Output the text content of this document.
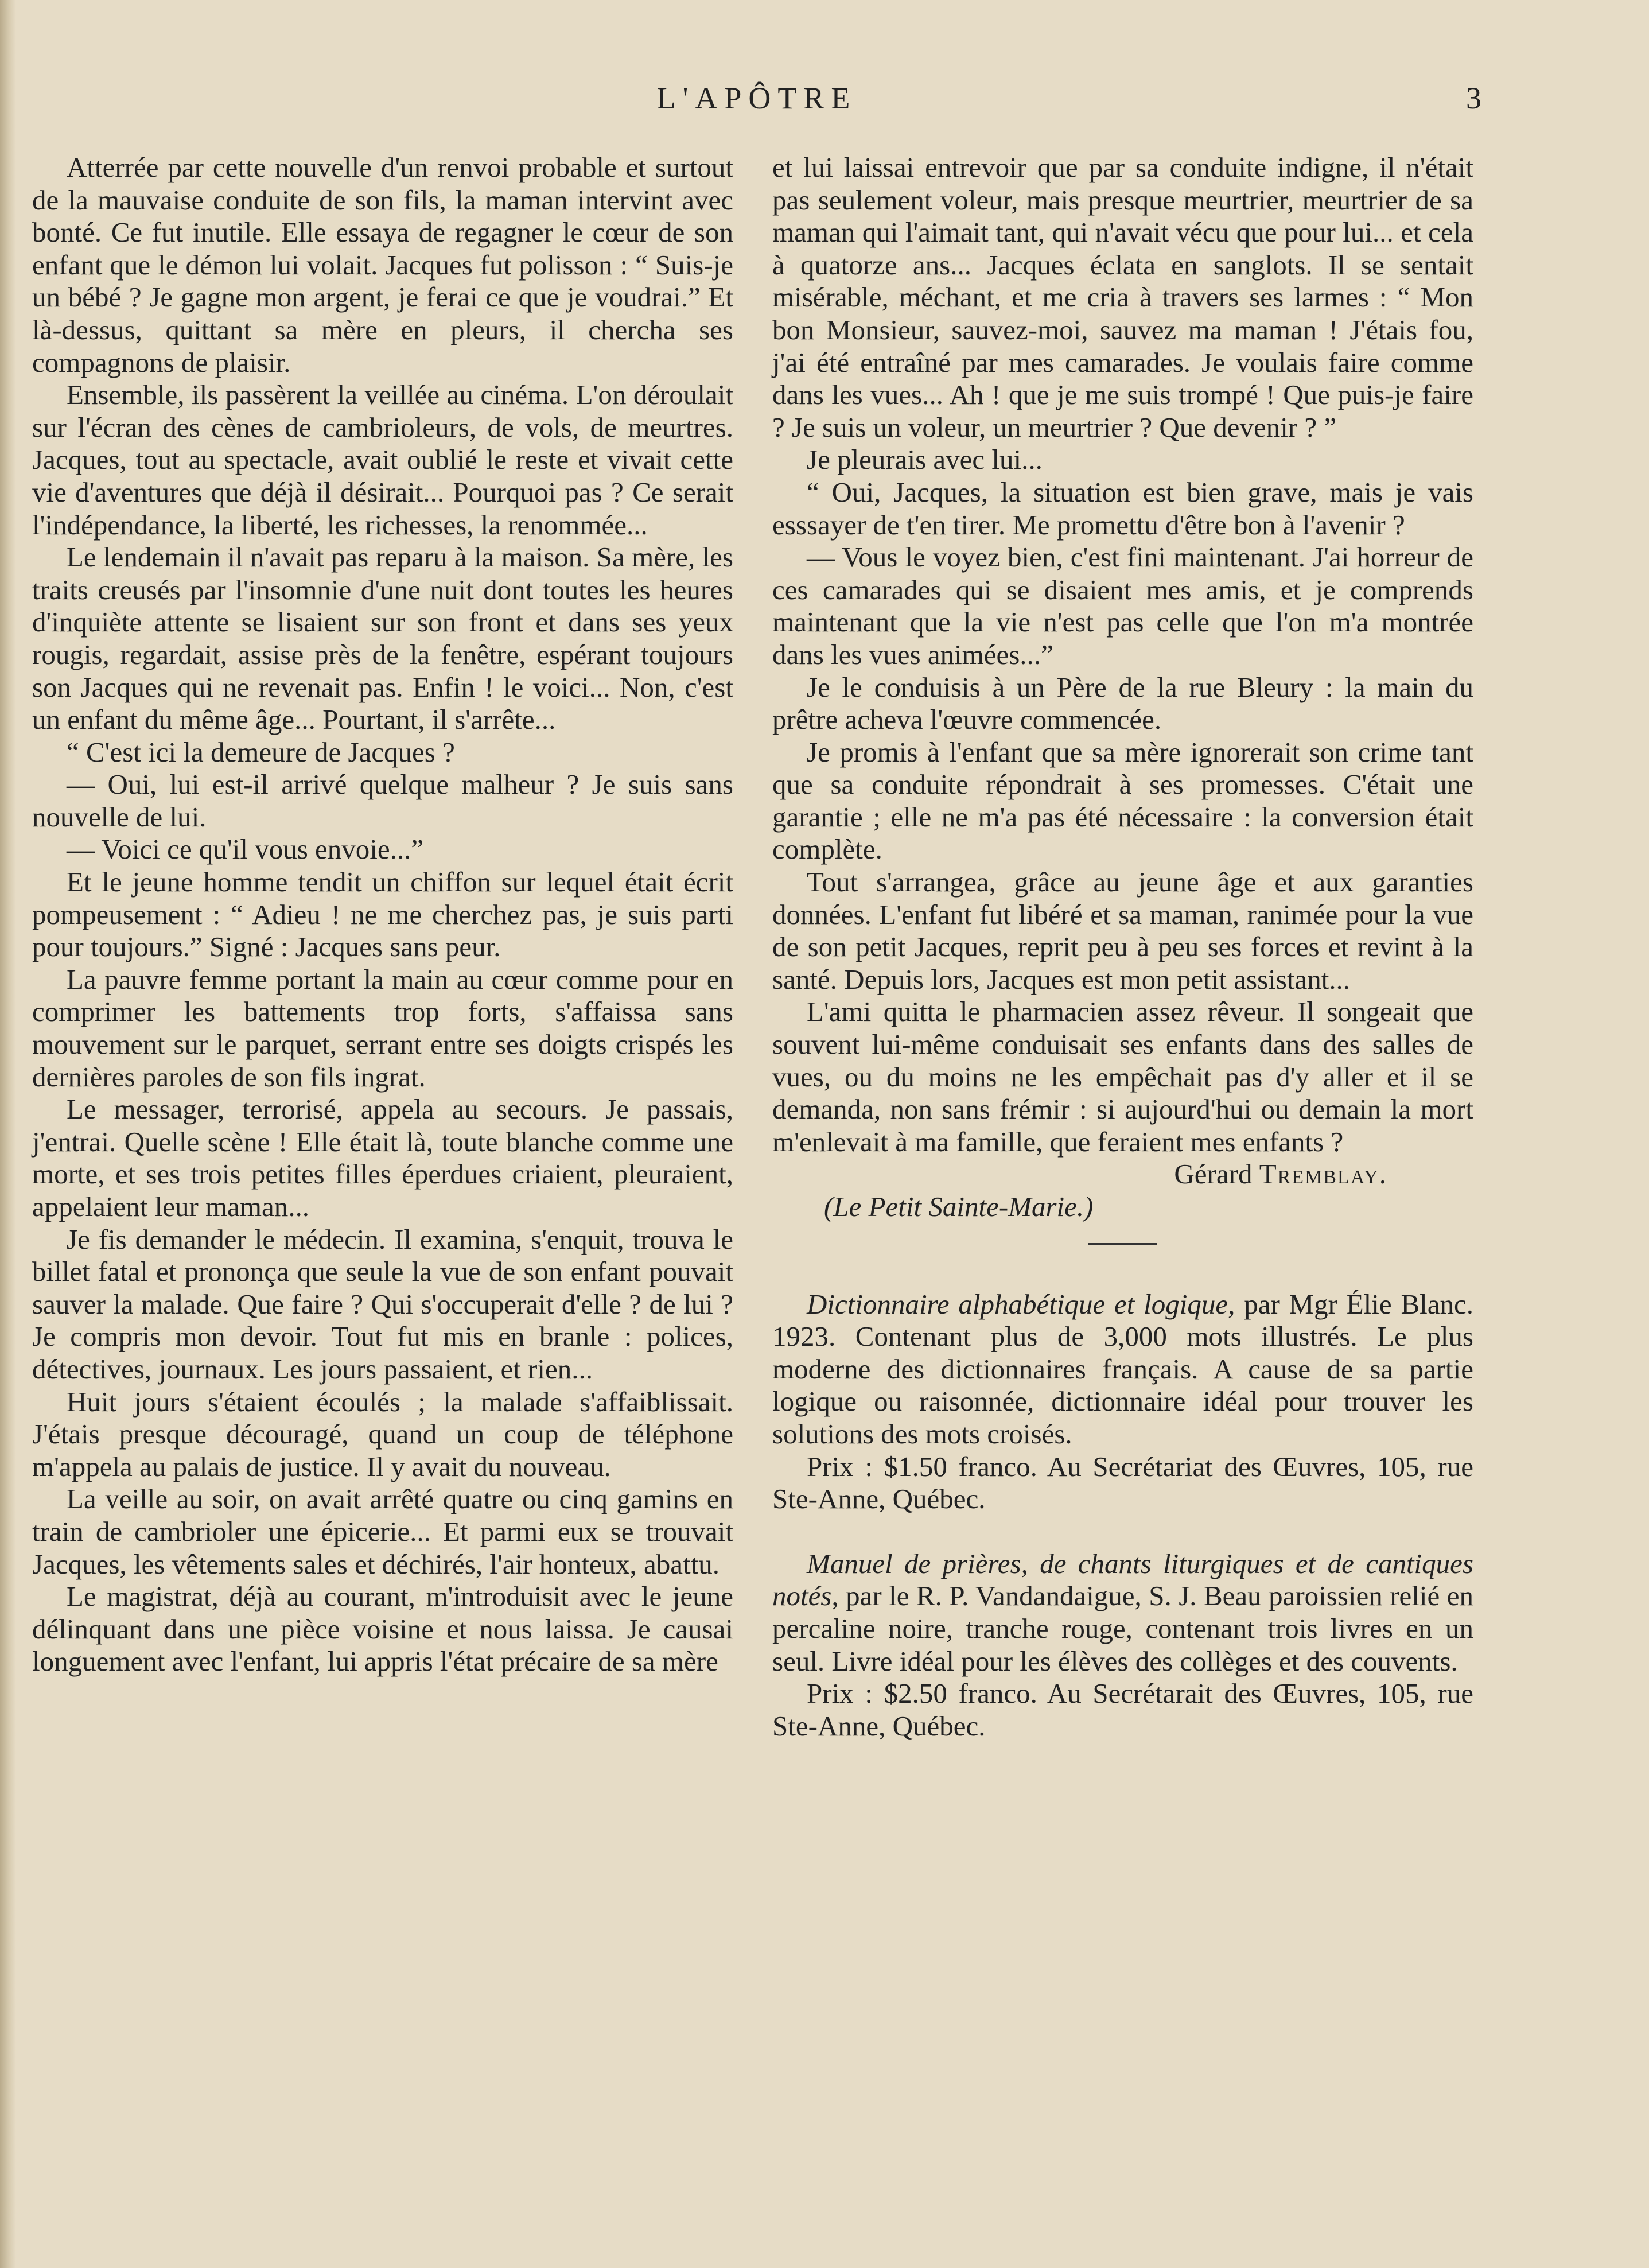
L'APÔTRE	3

Atterrée par cette nouvelle d'un renvoi probable et surtout de la mauvaise conduite de son fils, la maman intervint avec bonté. Ce fut inutile. Elle essaya de regagner le cœur de son enfant que le démon lui volait. Jacques fut polisson : “ Suis-je un bébé ? Je gagne mon argent, je ferai ce que je voudrai.” Et là-dessus, quittant sa mère en pleurs, il chercha ses compagnons de plaisir.

Ensemble, ils passèrent la veillée au cinéma. L'on déroulait sur l'écran des cènes de cambrioleurs, de vols, de meurtres. Jacques, tout au spectacle, avait oublié le reste et vivait cette vie d'aventures que déjà il désirait... Pourquoi pas ? Ce serait l'indépendance, la liberté, les richesses, la renommée...

Le lendemain il n'avait pas reparu à la maison. Sa mère, les traits creusés par l'insomnie d'une nuit dont toutes les heures d'inquiète attente se lisaient sur son front et dans ses yeux rougis, regardait, assise près de la fenêtre, espérant toujours son Jacques qui ne revenait pas. Enfin ! le voici... Non, c'est un enfant du même âge... Pourtant, il s'arrête...

“ C'est ici la demeure de Jacques ?

— Oui, lui est-il arrivé quelque malheur ? Je suis sans nouvelle de lui.

— Voici ce qu'il vous envoie...”

Et le jeune homme tendit un chiffon sur lequel était écrit pompeusement : “ Adieu ! ne me cherchez pas, je suis parti pour toujours.” Signé : Jacques sans peur.

La pauvre femme portant la main au cœur comme pour en comprimer les battements trop forts, s'affaissa sans mouvement sur le parquet, serrant entre ses doigts crispés les dernières paroles de son fils ingrat.

Le messager, terrorisé, appela au secours. Je passais, j'entrai. Quelle scène ! Elle était là, toute blanche comme une morte, et ses trois petites filles éperdues criaient, pleuraient, appelaient leur maman...

Je fis demander le médecin. Il examina, s'enquit, trouva le billet fatal et prononça que seule la vue de son enfant pouvait sauver la malade. Que faire ? Qui s'occuperait d'elle ? de lui ? Je compris mon devoir. Tout fut mis en branle : polices, détectives, journaux. Les jours passaient, et rien...

Huit jours s'étaient écoulés ; la malade s'affaiblissait. J'étais presque découragé, quand un coup de téléphone m'appela au palais de justice. Il y avait du nouveau.

La veille au soir, on avait arrêté quatre ou cinq gamins en train de cambrioler une épicerie... Et parmi eux se trouvait Jacques, les vêtements sales et déchirés, l'air honteux, abattu.

Le magistrat, déjà au courant, m'introduisit avec le jeune délinquant dans une pièce voisine et nous laissa. Je causai longuement avec l'enfant, lui appris l'état précaire de sa mère

et lui laissai entrevoir que par sa conduite indigne, il n'était pas seulement voleur, mais presque meurtrier, meurtrier de sa maman qui l'aimait tant, qui n'avait vécu que pour lui... et cela à quatorze ans... Jacques éclata en sanglots. Il se sentait misérable, méchant, et me cria à travers ses larmes : “ Mon bon Monsieur, sauvez-moi, sauvez ma maman ! J'étais fou, j'ai été entraîné par mes camarades. Je voulais faire comme dans les vues... Ah ! que je me suis trompé ! Que puis-je faire ? Je suis un voleur, un meurtrier ? Que devenir ? ”

Je pleurais avec lui...

“ Oui, Jacques, la situation est bien grave, mais je vais esssayer de t'en tirer. Me promettu d'être bon à l'avenir ?

— Vous le voyez bien, c'est fini maintenant. J'ai horreur de ces camarades qui se disaient mes amis, et je comprends maintenant que la vie n'est pas celle que l'on m'a montrée dans les vues animées...”

Je le conduisis à un Père de la rue Bleury : la main du prêtre acheva l'œuvre commencée.

Je promis à l'enfant que sa mère ignorerait son crime tant que sa conduite répondrait à ses promesses. C'était une garantie ; elle ne m'a pas été nécessaire : la conversion était complète.

Tout s'arrangea, grâce au jeune âge et aux garanties données. L'enfant fut libéré et sa maman, ranimée pour la vue de son petit Jacques, reprit peu à peu ses forces et revint à la santé. Depuis lors, Jacques est mon petit assistant...

L'ami quitta le pharmacien assez rêveur. Il songeait que souvent lui-même conduisait ses enfants dans des salles de vues, ou du moins ne les empêchait pas d'y aller et il se demanda, non sans frémir : si aujourd'hui ou demain la mort m'enlevait à ma famille, que feraient mes enfants ?

Gérard Tremblay.

(Le Petit Sainte-Marie.)

Dictionnaire alphabétique et logique, par Mgr Élie Blanc. 1923. Contenant plus de 3,000 mots illustrés. Le plus moderne des dictionnaires français. A cause de sa partie logique ou raisonnée, dictionnaire idéal pour trouver les solutions des mots croisés.

Prix : $1.50 franco. Au Secrétariat des Œuvres, 105, rue Ste-Anne, Québec.

Manuel de prières, de chants liturgiques et de cantiques notés, par le R. P. Vandandaigue, S. J. Beau paroissien relié en percaline noire, tranche rouge, contenant trois livres en un seul. Livre idéal pour les élèves des collèges et des couvents.

Prix : $2.50 franco. Au Secrétarait des Œuvres, 105, rue Ste-Anne, Québec.
